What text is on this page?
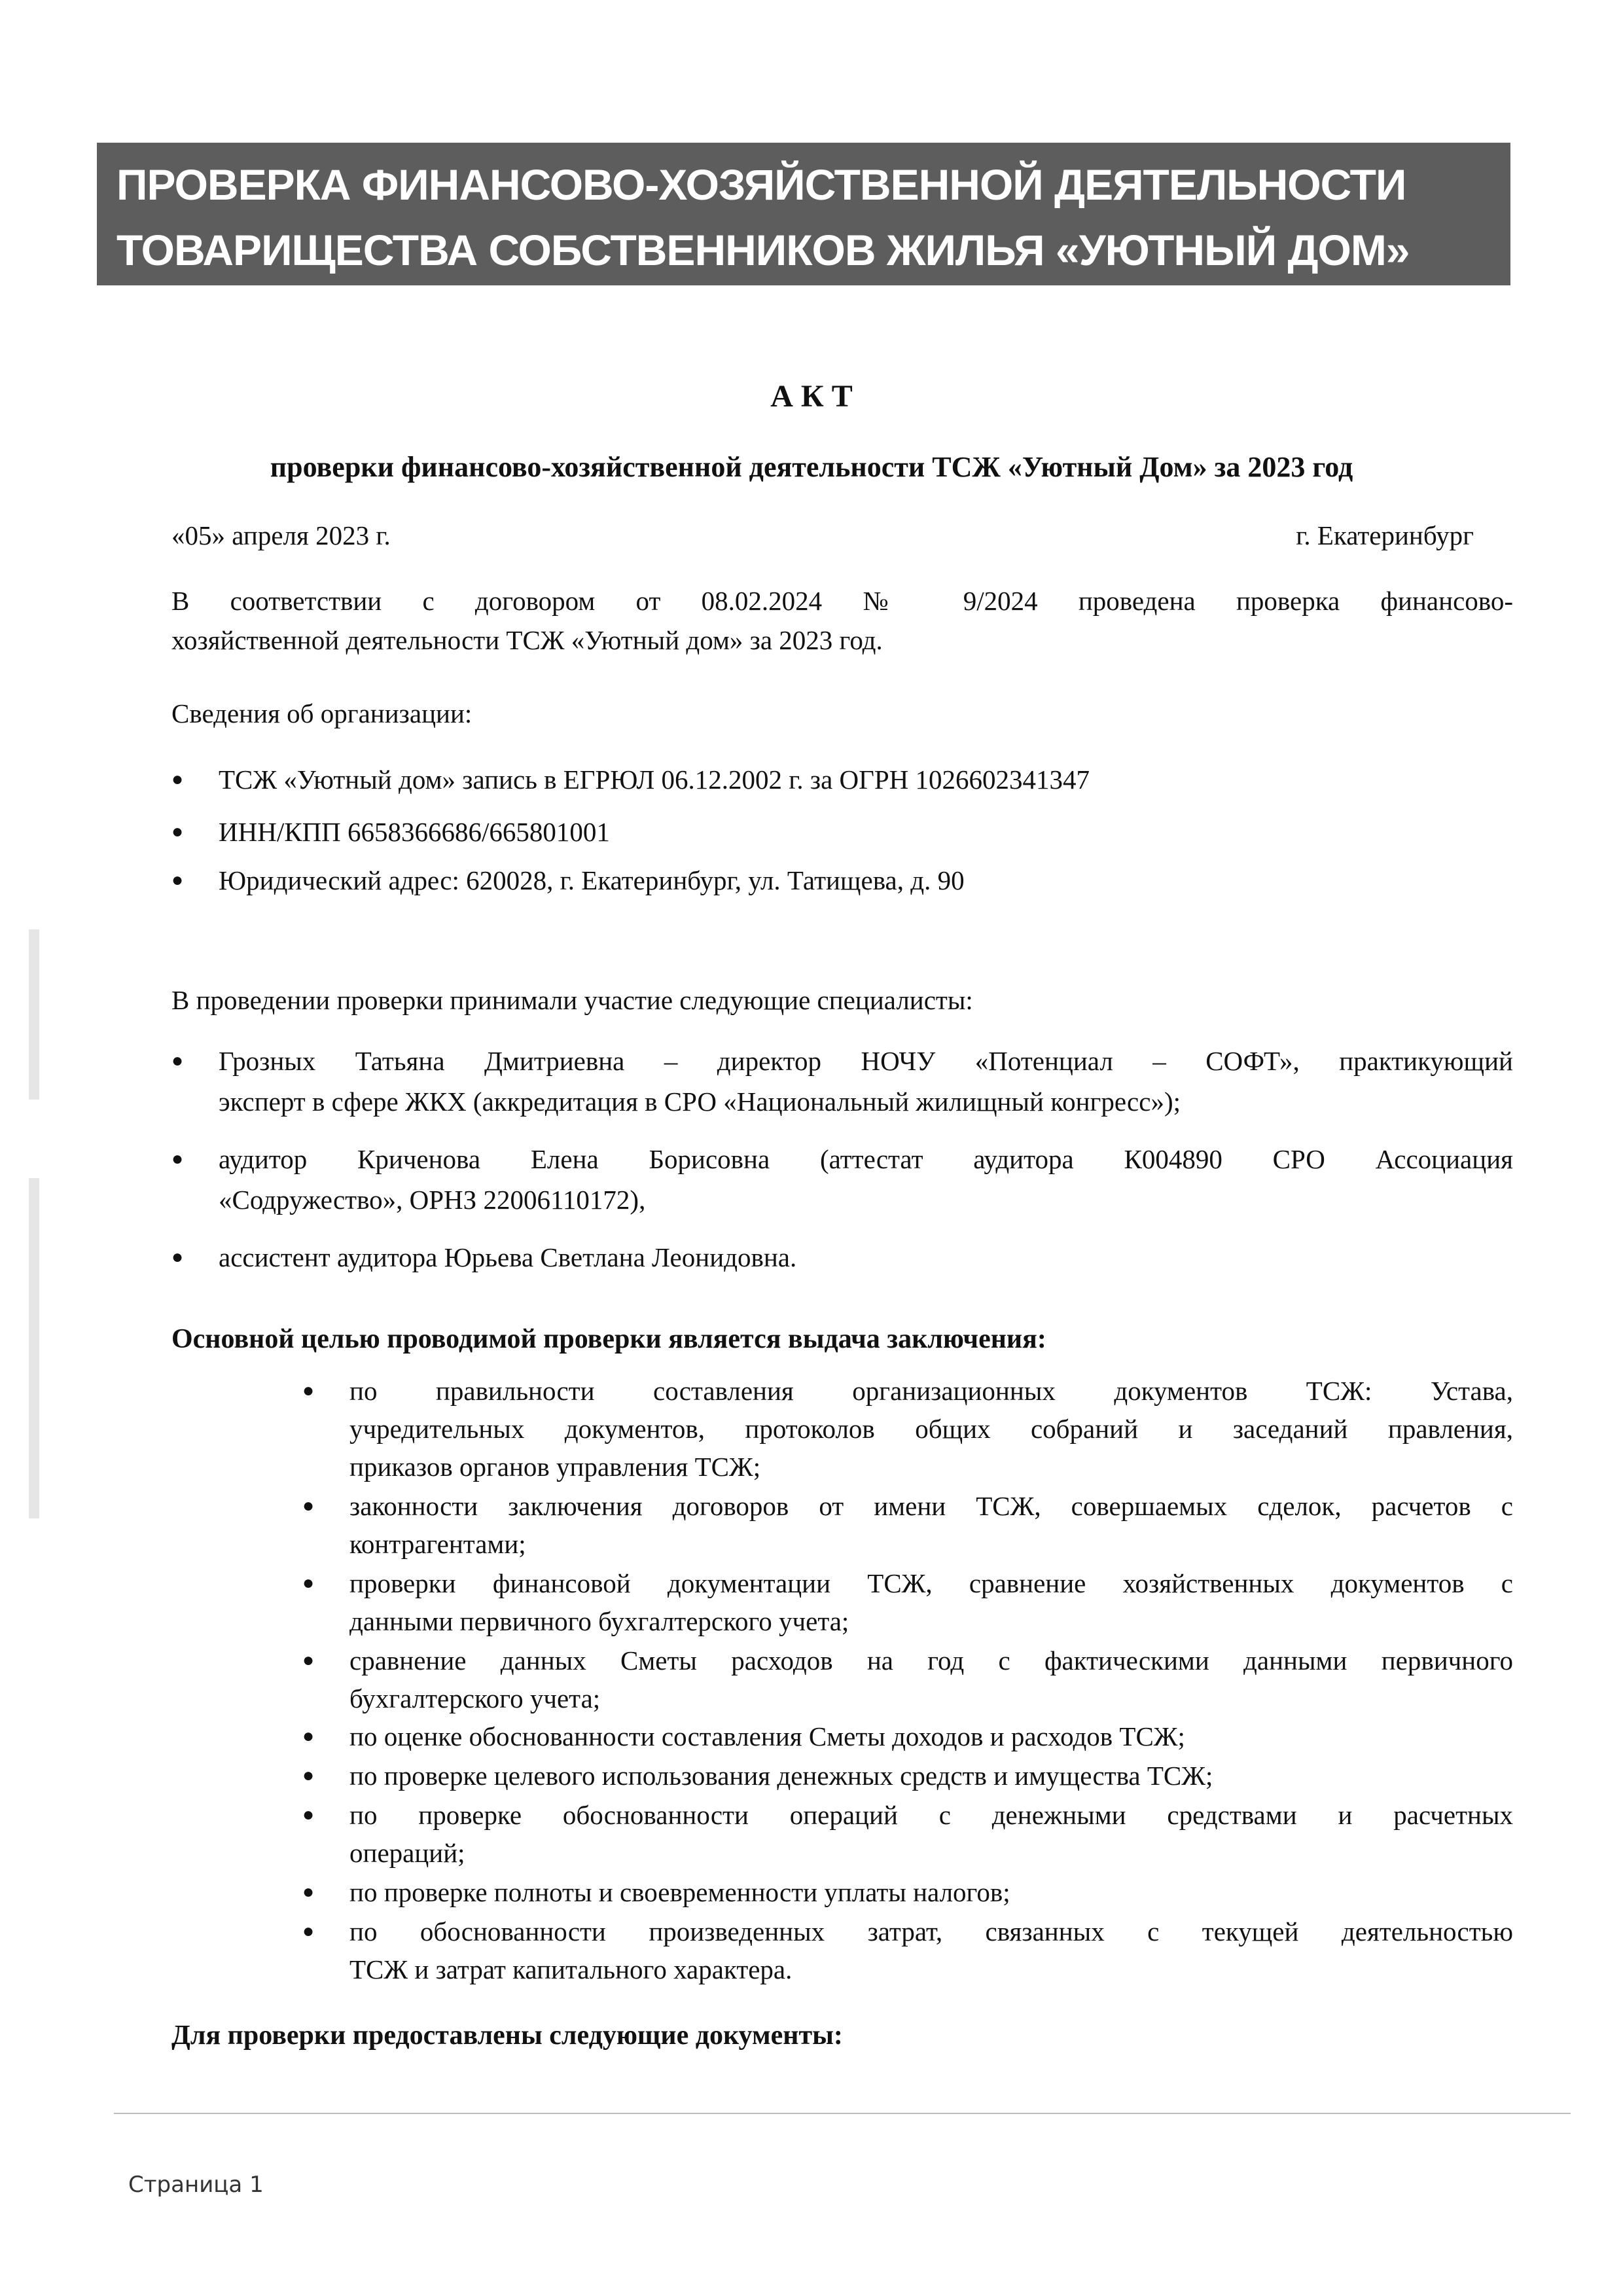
ПРОВЕРКА ФИНАНСОВО-ХОЗЯЙСТВЕННОЙ ДЕЯТЕЛЬНОСТИ
ТОВАРИЩЕСТВА СОБСТВЕННИКОВ ЖИЛЬЯ «УЮТНЫЙ ДОМ»
А К Т
проверки финансово-хозяйственной деятельности ТСЖ «Уютный Дом» за 2023 год
«05» апреля 2023 г.	г. Екатеринбург
В соответствии с договором от 08.02.2024 № 9/2024 проведена проверка финансово-
хозяйственной деятельности ТСЖ «Уютный дом» за 2023 год.
Сведения об организации:
● ТСЖ «Уютный дом» запись в ЕГРЮЛ 06.12.2002 г. за ОГРН 1026602341347
● ИНН/КПП 6658366686/665801001
● Юридический адрес: 620028, г. Екатеринбург, ул. Татищева, д. 90
В проведении проверки принимали участие следующие специалисты:
● Грозных Татьяна Дмитриевна – директор НОЧУ «Потенциал – СОФТ», практикующий
эксперт в сфере ЖКХ (аккредитация в СРО «Национальный жилищный конгресс»);
● аудитор Криченова Елена Борисовна (аттестат аудитора К004890 СРО Ассоциация
«Содружество», ОРНЗ 22006110172),
● ассистент аудитора Юрьева Светлана Леонидовна.
Основной целью проводимой проверки является выдача заключения:
● по правильности составления организационных документов ТСЖ: Устава,
учредительных документов, протоколов общих собраний и заседаний правления,
приказов органов управления ТСЖ;
● законности заключения договоров от имени ТСЖ, совершаемых сделок, расчетов с
контрагентами;
● проверки финансовой документации ТСЖ, сравнение хозяйственных документов с
данными первичного бухгалтерского учета;
● сравнение данных Сметы расходов на год с фактическими данными первичного
бухгалтерского учета;
● по оценке обоснованности составления Сметы доходов и расходов ТСЖ;
● по проверке целевого использования денежных средств и имущества ТСЖ;
● по проверке обоснованности операций с денежными средствами и расчетных
операций;
● по проверке полноты и своевременности уплаты налогов;
● по обоснованности произведенных затрат, связанных с текущей деятельностью
ТСЖ и затрат капитального характера.
Для проверки предоставлены следующие документы:
Страница 1
